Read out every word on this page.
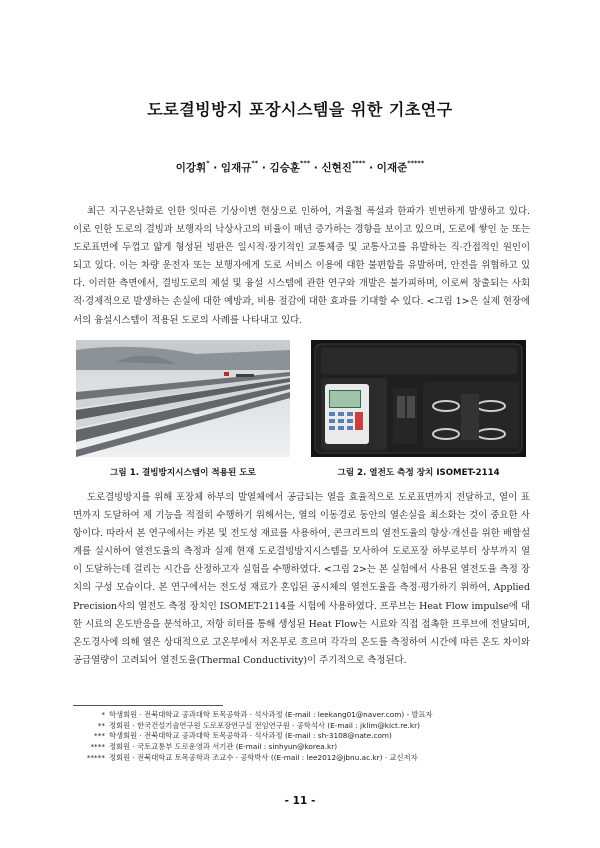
도로결빙방지 포장시스템을 위한 기초연구
이강휘* · 임재규** · 김승훈*** · 신현진**** · 이재준*****

최근 지구온난화로 인한 잇따른 기상이변 현상으로 인하여, 겨울철 폭설과 한파가 빈번하게 발생하고 있다. 이로 인한 도로의 결빙과 보행자의 낙상사고의 비율이 매년 증가하는 경향을 보이고 있으며, 도로에 쌓인 눈 또는 도로표면에 두껍고 얇게 형성된 빙판은 일시적·장기적인 교통체증 및 교통사고를 유발하는 직·간접적인 원인이 되고 있다. 이는 차량 운전자 또는 보행자에게 도로 서비스 이용에 대한 불편함을 유발하며, 안전을 위협하고 있다. 이러한 측면에서, 결빙도로의 제설 및 융설 시스템에 관한 연구와 개발은 불가피하며, 이로써 창출되는 사회적·경제적으로 발생하는 손실에 대한 예방과, 비용 절감에 대한 효과를 기대할 수 있다. <그림 1>은 실제 현장에서의 융설시스템이 적용된 도로의 사례를 나타내고 있다.

그림 1. 결빙방지시스템이 적용된 도로	그림 2. 열전도 측정 장치 ISOMET-2114

도로결빙방지를 위해 포장체 하부의 발열체에서 공급되는 열을 효율적으로 도로표면까지 전달하고, 열이 표면까지 도달하여 제 기능을 적절히 수행하기 위해서는, 열의 이동경로 동안의 열손실을 최소화는 것이 중요한 사항이다. 따라서 본 연구에서는 카본 및 전도성 재료를 사용하여, 콘크리트의 열전도율의 향상·개선을 위한 배합설계를 실시하여 열전도율의 측정과 실제 현재 도로결빙방지시스템을 모사하여 도로포장 하부로부터 상부까지 열이 도달하는데 걸리는 시간을 산정하고자 실험을 수행하였다. <그림 2>는 본 실험에서 사용된 열전도율 측정 장치의 구성 모습이다. 본 연구에서는 전도성 재료가 혼입된 공시체의 열전도율을 측정·평가하기 위하여, Applied Precision사의 열전도 측정 장치인 ISOMET-2114를 시험에 사용하였다. 프루브는 Heat Flow impulse에 대한 시료의 온도반응을 분석하고, 저항 히터를 통해 생성된 Heat Flow는 시료와 직접 접촉한 프루브에 전달되며, 온도경사에 의해 열은 상대적으로 고온부에서 저온부로 흐르며 각각의 온도를 측정하여 시간에 따른 온도 차이와 공급열량이 고려되어 열전도율(Thermal Conductivity)이 주기적으로 측정된다.

* 학생회원 · 전북대학교 공과대학 토목공학과 · 석사과정 (E-mail : leekang01@naver.com) - 발표자
** 정회원 · 한국건설기술연구원 도로포장연구실 전임연구원 · 공학석사 (E-mail : jklim@kict.re.kr)
*** 학생회원 · 전북대학교 공과대학 토목공학과 · 석사과정 (E-mail : sh-3108@nate.com)
**** 정회원 · 국토교통부 도로운영과 서기관 (E-mail : sinhyun@korea.kr)
***** 정회원 · 전북대학교 토목공학과 조교수 · 공학박사 ((E-mail : lee2012@jbnu.ac.kr) · 교신저자
- 11 -
